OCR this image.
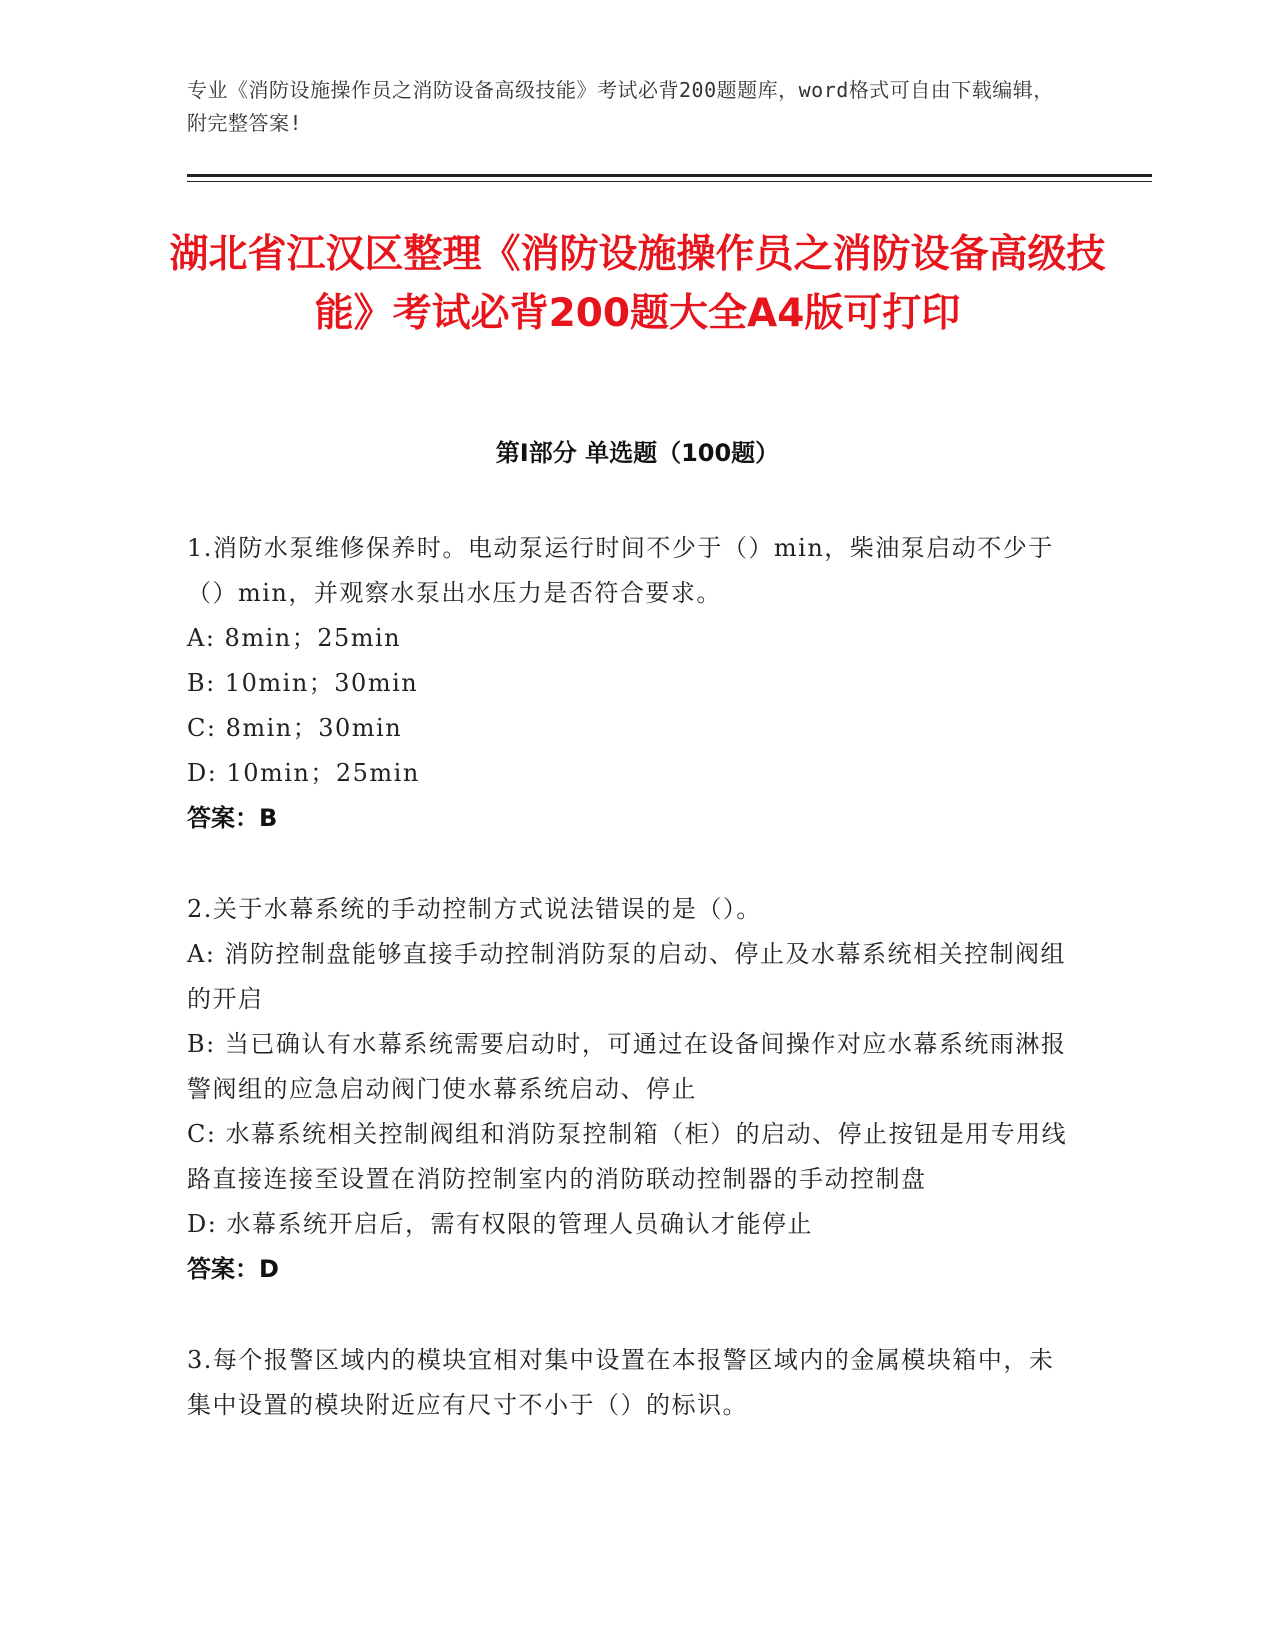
专业《消防设施操作员之消防设备高级技能》考试必背200题题库，word格式可自由下载编辑，附完整答案!
湖北省江汉区整理《消防设施操作员之消防设备高级技能》考试必背200题大全A4版可打印
第I部分 单选题（100题）
1.消防水泵维修保养时。电动泵运行时间不少于（）min，柴油泵启动不少于（）min，并观察水泵出水压力是否符合要求。
A: 8min；25min
B: 10min；30min
C: 8min；30min
D: 10min；25min
答案：B
2.关于水幕系统的手动控制方式说法错误的是（）。
A: 消防控制盘能够直接手动控制消防泵的启动、停止及水幕系统相关控制阀组的开启
B: 当已确认有水幕系统需要启动时，可通过在设备间操作对应水幕系统雨淋报警阀组的应急启动阀门使水幕系统启动、停止
C: 水幕系统相关控制阀组和消防泵控制箱（柜）的启动、停止按钮是用专用线路直接连接至设置在消防控制室内的消防联动控制器的手动控制盘
D: 水幕系统开启后，需有权限的管理人员确认才能停止
答案：D
3.每个报警区域内的模块宜相对集中设置在本报警区域内的金属模块箱中，未集中设置的模块附近应有尺寸不小于（）的标识。
